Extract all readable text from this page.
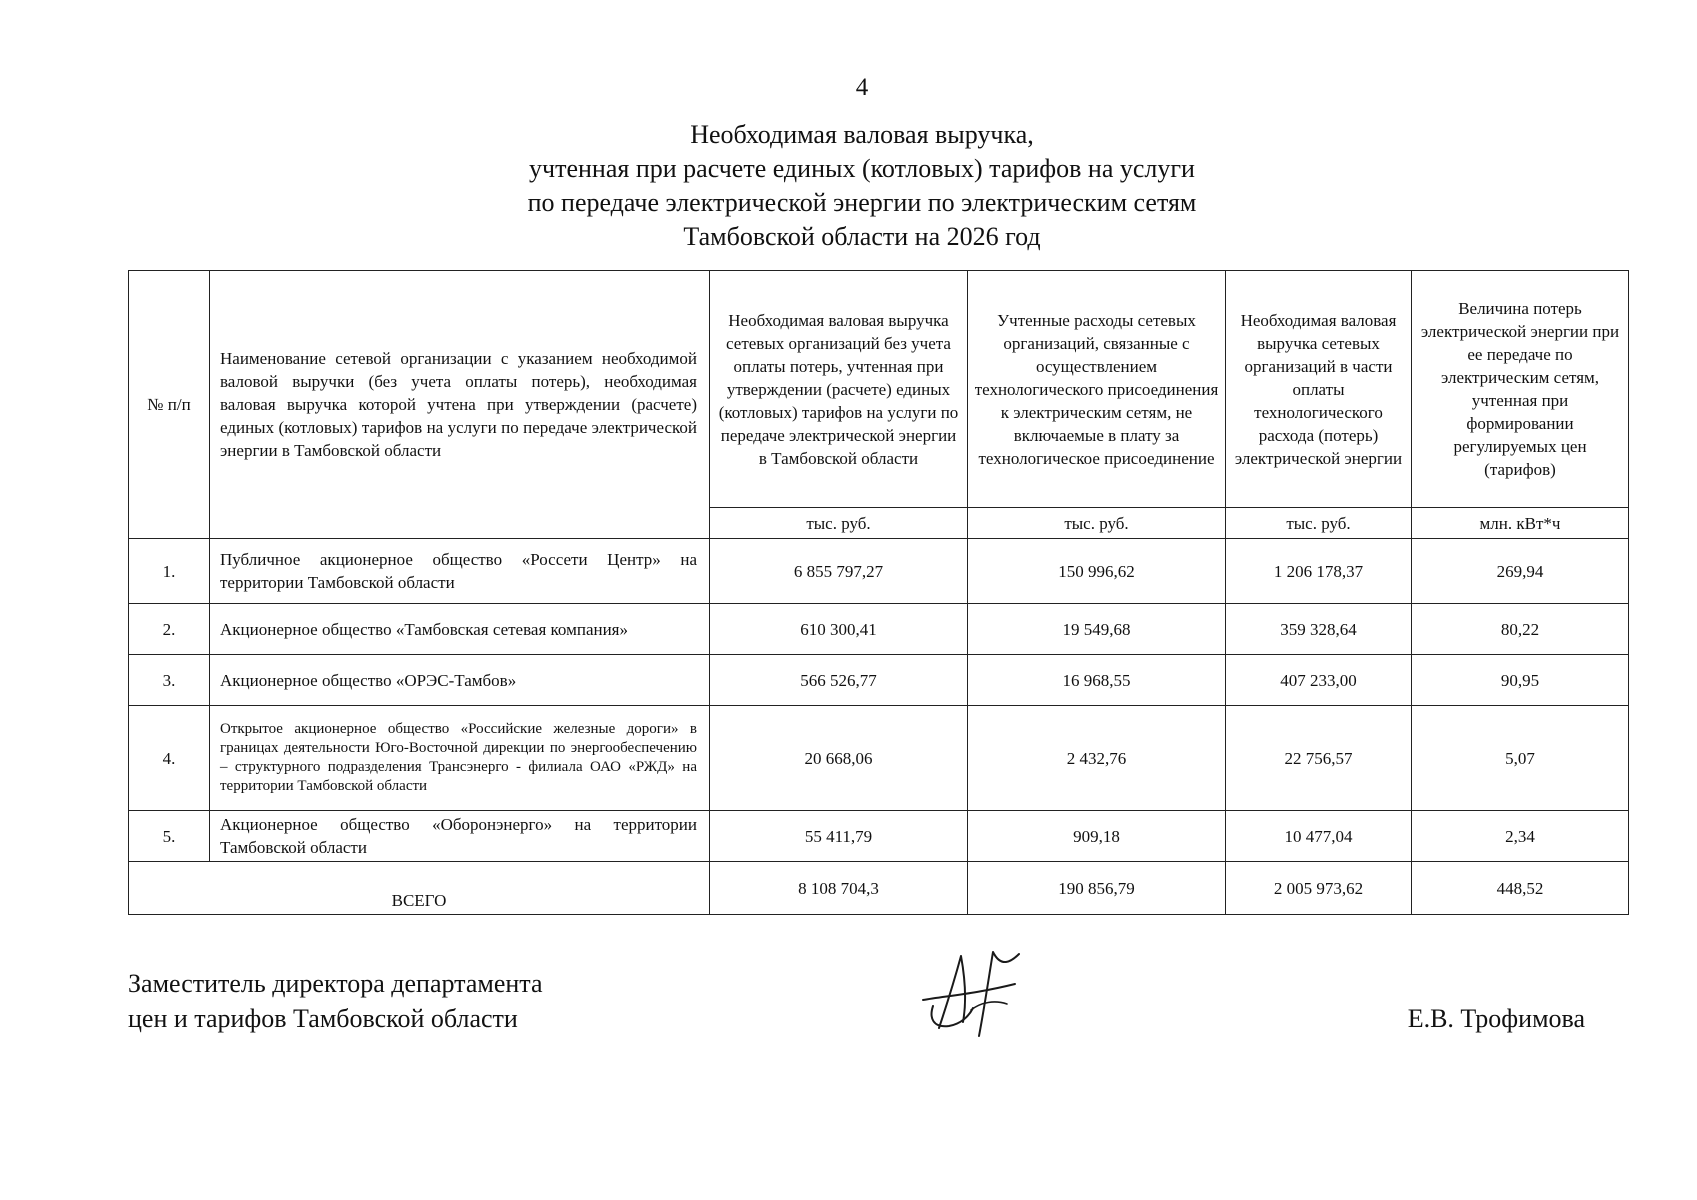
4
Необходимая валовая выручка,
учтенная при расчете единых (котловых) тарифов на услуги
по передаче электрической энергии по электрическим сетям
Тамбовской области на 2026 год
№ п/п	Наименование сетевой организации с указанием необходимой валовой выручки (без учета оплаты потерь), необходимая валовая выручка которой учтена при утверждении (расчете) единых (котловых) тарифов на услуги по передаче электрической энергии в Тамбовской области	Необходимая валовая выручка сетевых организаций без учета оплаты потерь, учтенная при утверждении (расчете) единых (котловых) тарифов на услуги по передаче электрической энергии в Тамбовской области	Учтенные расходы сетевых организаций, связанные с осуществлением технологического присоединения к электрическим сетям, не включаемые в плату за технологическое присоединение	Необходимая валовая выручка сетевых организаций в части оплаты технологического расхода (потерь) электрической энергии	Величина потерь электрической энергии при ее передаче по электрическим сетям, учтенная при формировании регулируемых цен (тарифов)
		тыс. руб.	тыс. руб.	тыс. руб.	млн. кВт*ч
1.	Публичное акционерное общество «Россети Центр» на территории Тамбовской области	6 855 797,27	150 996,62	1 206 178,37	269,94
2.	Акционерное общество «Тамбовская сетевая компания»	610 300,41	19 549,68	359 328,64	80,22
3.	Акционерное общество «ОРЭС-Тамбов»	566 526,77	16 968,55	407 233,00	90,95
4.	Открытое акционерное общество «Российские железные дороги» в границах деятельности Юго-Восточной дирекции по энергообеспечению – структурного подразделения Трансэнерго - филиала ОАО «РЖД» на территории Тамбовской области	20 668,06	2 432,76	22 756,57	5,07
5.	Акционерное общество «Оборонэнерго» на территории Тамбовской области	55 411,79	909,18	10 477,04	2,34
ВСЕГО		8 108 704,3	190 856,79	2 005 973,62	448,52
Заместитель директора департамента
цен и тарифов Тамбовской области	Е.В. Трофимова
